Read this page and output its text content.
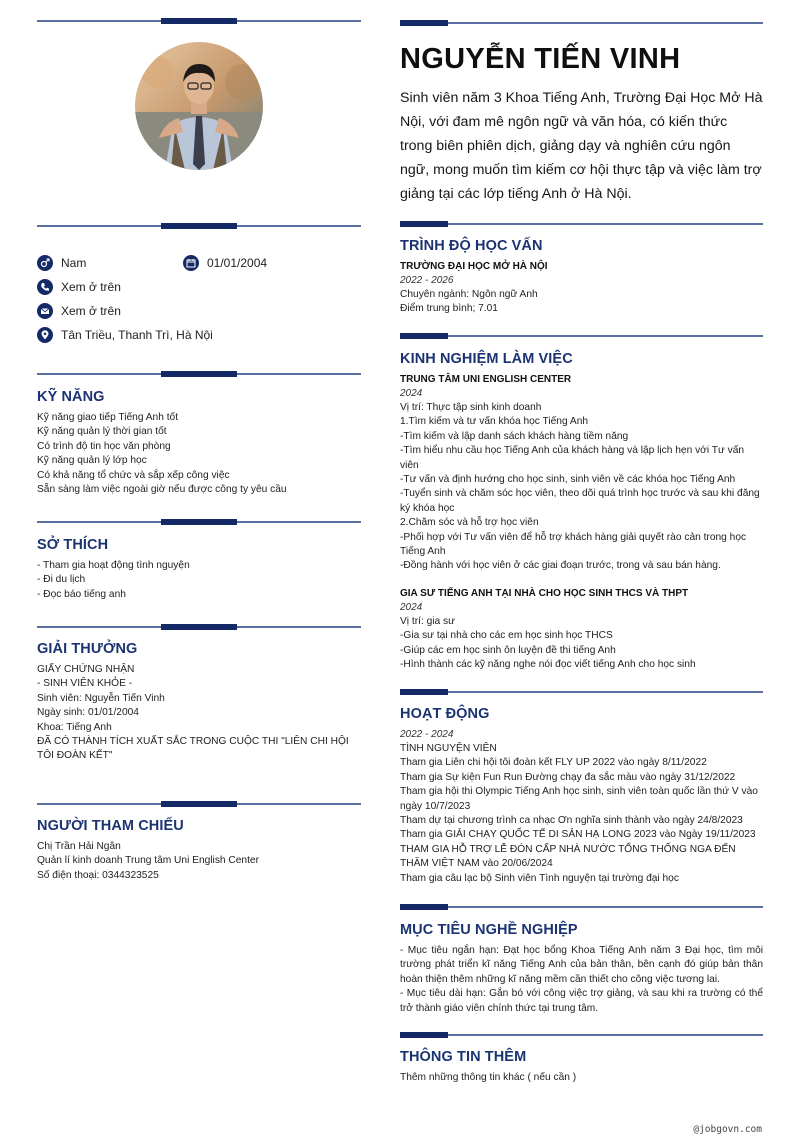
Nam	01/01/2004
Xem ở trên
Xem ở trên
Tân Triều, Thanh Trì, Hà Nội
KỸ NĂNG
Kỹ năng giao tiếp Tiếng Anh tốt
Kỹ năng quản lý thời gian tốt
Có trình độ tin học văn phòng
Kỹ năng quản lý lớp học
Có khả năng tổ chức và sắp xếp công việc
Sẵn sàng làm việc ngoài giờ nếu được công ty yêu cầu
SỞ THÍCH
- Tham gia hoạt động tình nguyện
- Đi du lịch
- Đọc báo tiếng anh
GIẢI THƯỞNG
GIẤY CHỨNG NHẬN
- SINH VIÊN KHỎE -
Sinh viên: Nguyễn Tiến Vinh
Ngày sinh: 01/01/2004
Khoa: Tiếng Anh
ĐÃ CÓ THÀNH TÍCH XUẤT SẮC TRONG CUỘC THI "LIÊN CHI HỘI TÔI ĐOÀN KẾT"
NGƯỜI THAM CHIẾU
Chị Trần Hải Ngân
Quản lí kinh doanh Trung tâm Uni English Center
Số điện thoại: 0344323525
NGUYỄN TIẾN VINH
Sinh viên năm 3 Khoa Tiếng Anh, Trường Đại Học Mở Hà Nội, với đam mê ngôn ngữ và văn hóa, có kiến thức trong biên phiên dịch, giảng dạy và nghiên cứu ngôn ngữ, mong muốn tìm kiếm cơ hội thực tập và việc làm trợ giảng tại các lớp tiếng Anh ở Hà Nội.
TRÌNH ĐỘ HỌC VẤN
TRƯỜNG ĐẠI HỌC MỞ HÀ NỘI
2022 - 2026
Chuyên ngành: Ngôn ngữ Anh
Điểm trung bình; 7.01
KINH NGHIỆM LÀM VIỆC
TRUNG TÂM UNI ENGLISH CENTER
2024
Vị trí: Thực tập sinh kinh doanh
1.Tìm kiếm và tư vấn khóa học Tiếng Anh
-Tìm kiếm và lập danh sách khách hàng tiềm năng
-Tìm hiểu nhu cầu học Tiếng Anh của khách hàng và lập lịch hẹn với Tư vấn viên
-Tư vấn và định hướng cho học sinh, sinh viên về các khóa học Tiếng Anh
-Tuyển sinh và chăm sóc học viên, theo dõi quá trình học trước và sau khi đăng ký khóa học
2.Chăm sóc và hỗ trợ học viên
-Phối hợp với Tư vấn viên để hỗ trợ khách hàng giải quyết rào cản trong học Tiếng Anh
-Đồng hành với học viên ở các giai đoạn trước, trong và sau bán hàng.
GIA SƯ TIẾNG ANH TẠI NHÀ CHO HỌC SINH THCS VÀ THPT
2024
Vị trí: gia sư
-Gia sư tại nhà cho các em học sinh học THCS
-Giúp các em học sinh ôn luyện đề thi tiếng Anh
-Hình thành các kỹ năng nghe nói đọc viết tiếng Anh cho học sinh
HOẠT ĐỘNG
2022 - 2024
TÌNH NGUYỆN VIÊN
Tham gia Liên chi hội tôi đoàn kết FLY UP 2022 vào ngày 8/11/2022
Tham gia Sự kiện Fun Run Đường chạy đa sắc màu vào ngày 31/12/2022
Tham gia hội thi Olympic Tiếng Anh học sinh, sinh viên toàn quốc lần thứ V vào ngày 10/7/2023
Tham dự tại chương trình ca nhạc Ơn nghĩa sinh thành vào ngày 24/8/2023
Tham gia GIẢI CHẠY QUỐC TẾ DI SẢN HẠ LONG 2023 vào Ngày 19/11/2023
THAM GIA HỖ TRỢ LỄ ĐÓN CẤP NHÀ NƯỚC TỔNG THỐNG NGA ĐẾN THĂM VIỆT NAM vào 20/06/2024
Tham gia câu lạc bộ Sinh viên Tình nguyện tại trường đại học
MỤC TIÊU NGHỀ NGHIỆP
- Mục tiêu ngắn hạn: Đạt học bổng Khoa Tiếng Anh năm 3 Đại học, tìm môi trường phát triển kĩ năng Tiếng Anh của bản thân, bên cạnh đó giúp bản thân hoàn thiện thêm những kĩ năng mềm cần thiết cho công việc tương lai.
- Mục tiêu dài hạn: Gắn bó với công việc trợ giảng, và sau khi ra trường có thể trở thành giáo viên chính thức tại trung tâm.
THÔNG TIN THÊM
Thêm những thông tin khác ( nếu cần )
@jobgovn.com
